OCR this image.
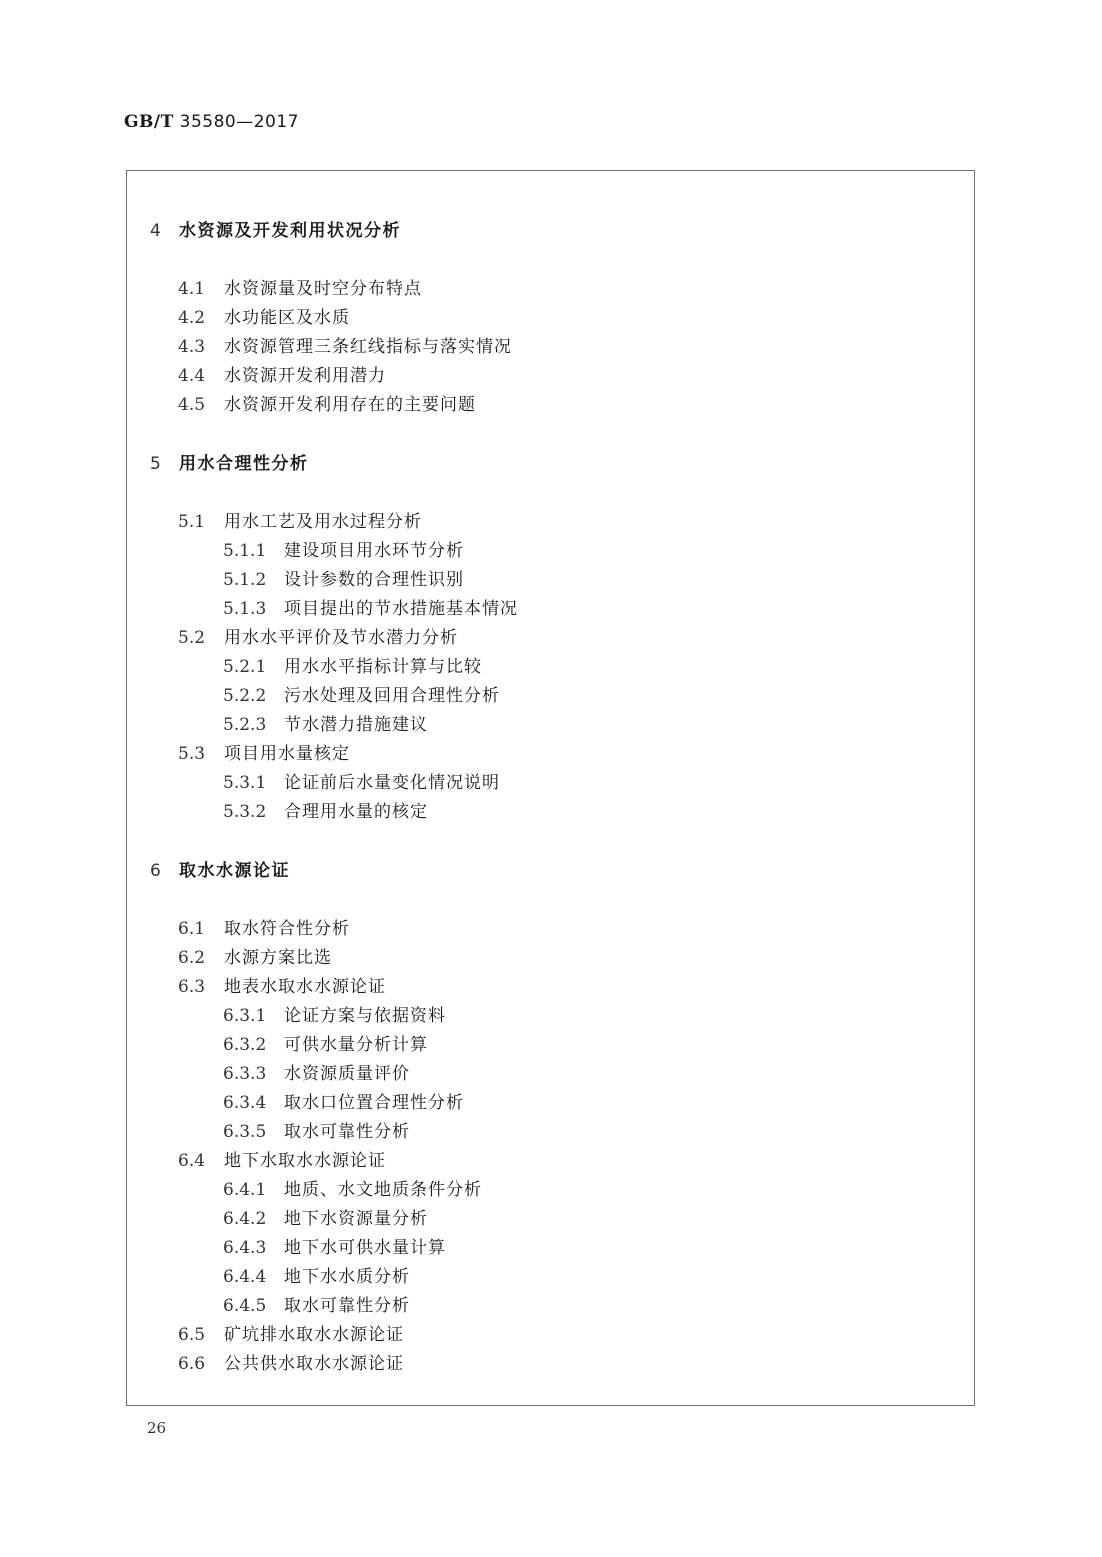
GB/T 35580—2017
4 水资源及开发利用状况分析
4.1 水资源量及时空分布特点
4.2 水功能区及水质
4.3 水资源管理三条红线指标与落实情况
4.4 水资源开发利用潜力
4.5 水资源开发利用存在的主要问题
5 用水合理性分析
5.1 用水工艺及用水过程分析
5.1.1 建设项目用水环节分析
5.1.2 设计参数的合理性识别
5.1.3 项目提出的节水措施基本情况
5.2 用水水平评价及节水潜力分析
5.2.1 用水水平指标计算与比较
5.2.2 污水处理及回用合理性分析
5.2.3 节水潜力措施建议
5.3 项目用水量核定
5.3.1 论证前后水量变化情况说明
5.3.2 合理用水量的核定
6 取水水源论证
6.1 取水符合性分析
6.2 水源方案比选
6.3 地表水取水水源论证
6.3.1 论证方案与依据资料
6.3.2 可供水量分析计算
6.3.3 水资源质量评价
6.3.4 取水口位置合理性分析
6.3.5 取水可靠性分析
6.4 地下水取水水源论证
6.4.1 地质、水文地质条件分析
6.4.2 地下水资源量分析
6.4.3 地下水可供水量计算
6.4.4 地下水水质分析
6.4.5 取水可靠性分析
6.5 矿坑排水取水水源论证
6.6 公共供水取水水源论证
26
